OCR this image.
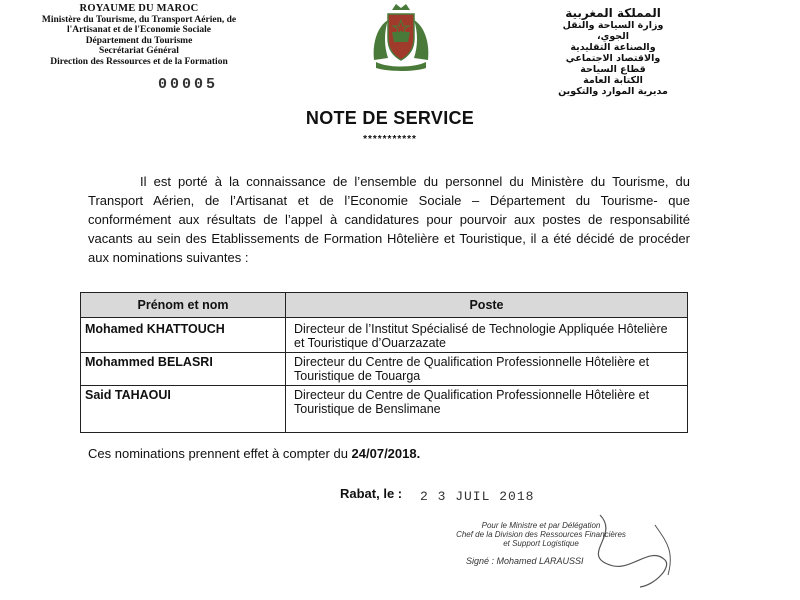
ROYAUME DU MAROC
Ministère du Tourisme, du Transport Aérien, de
l'Artisanat et de l'Economie Sociale
Département du Tourisme
Secrétariat Général
Direction des Ressources et de la Formation
المملكة المغربية
وزارة السياحة والنقل الجوي،
والصناعة التقليدية والاقتصاد الاجتماعي
قطاع السياحة
الكتابة العامة
مديرية الموارد والتكوين
00005
NOTE DE SERVICE
***********
Il est porté à la connaissance de l’ensemble du personnel du Ministère du Tourisme, du Transport Aérien, de l’Artisanat et de l’Economie Sociale – Département du Tourisme- que conformément aux résultats de l’appel à candidatures pour pourvoir aux postes de responsabilité vacants au sein des Etablissements de Formation Hôtelière et Touristique, il a été décidé de procéder aux nominations suivantes :
Prénom et nom	Poste
Mohamed KHATTOUCH	Directeur de l’Institut Spécialisé de Technologie Appliquée Hôtelière et Touristique d’Ouarzazate
Mohammed BELASRI	Directeur du Centre de Qualification Professionnelle Hôtelière et Touristique de Touarga
Said TAHAOUI	Directeur du Centre de Qualification Professionnelle Hôtelière et Touristique de Benslimane
Ces nominations prennent effet à compter du 24/07/2018.
Rabat, le : 2 3 JUIL 2018
Pour le Ministre et par Délégation
Chef de la Division des Ressources Financières
et Support Logistique
Signé : Mohamed LARAUSSI
